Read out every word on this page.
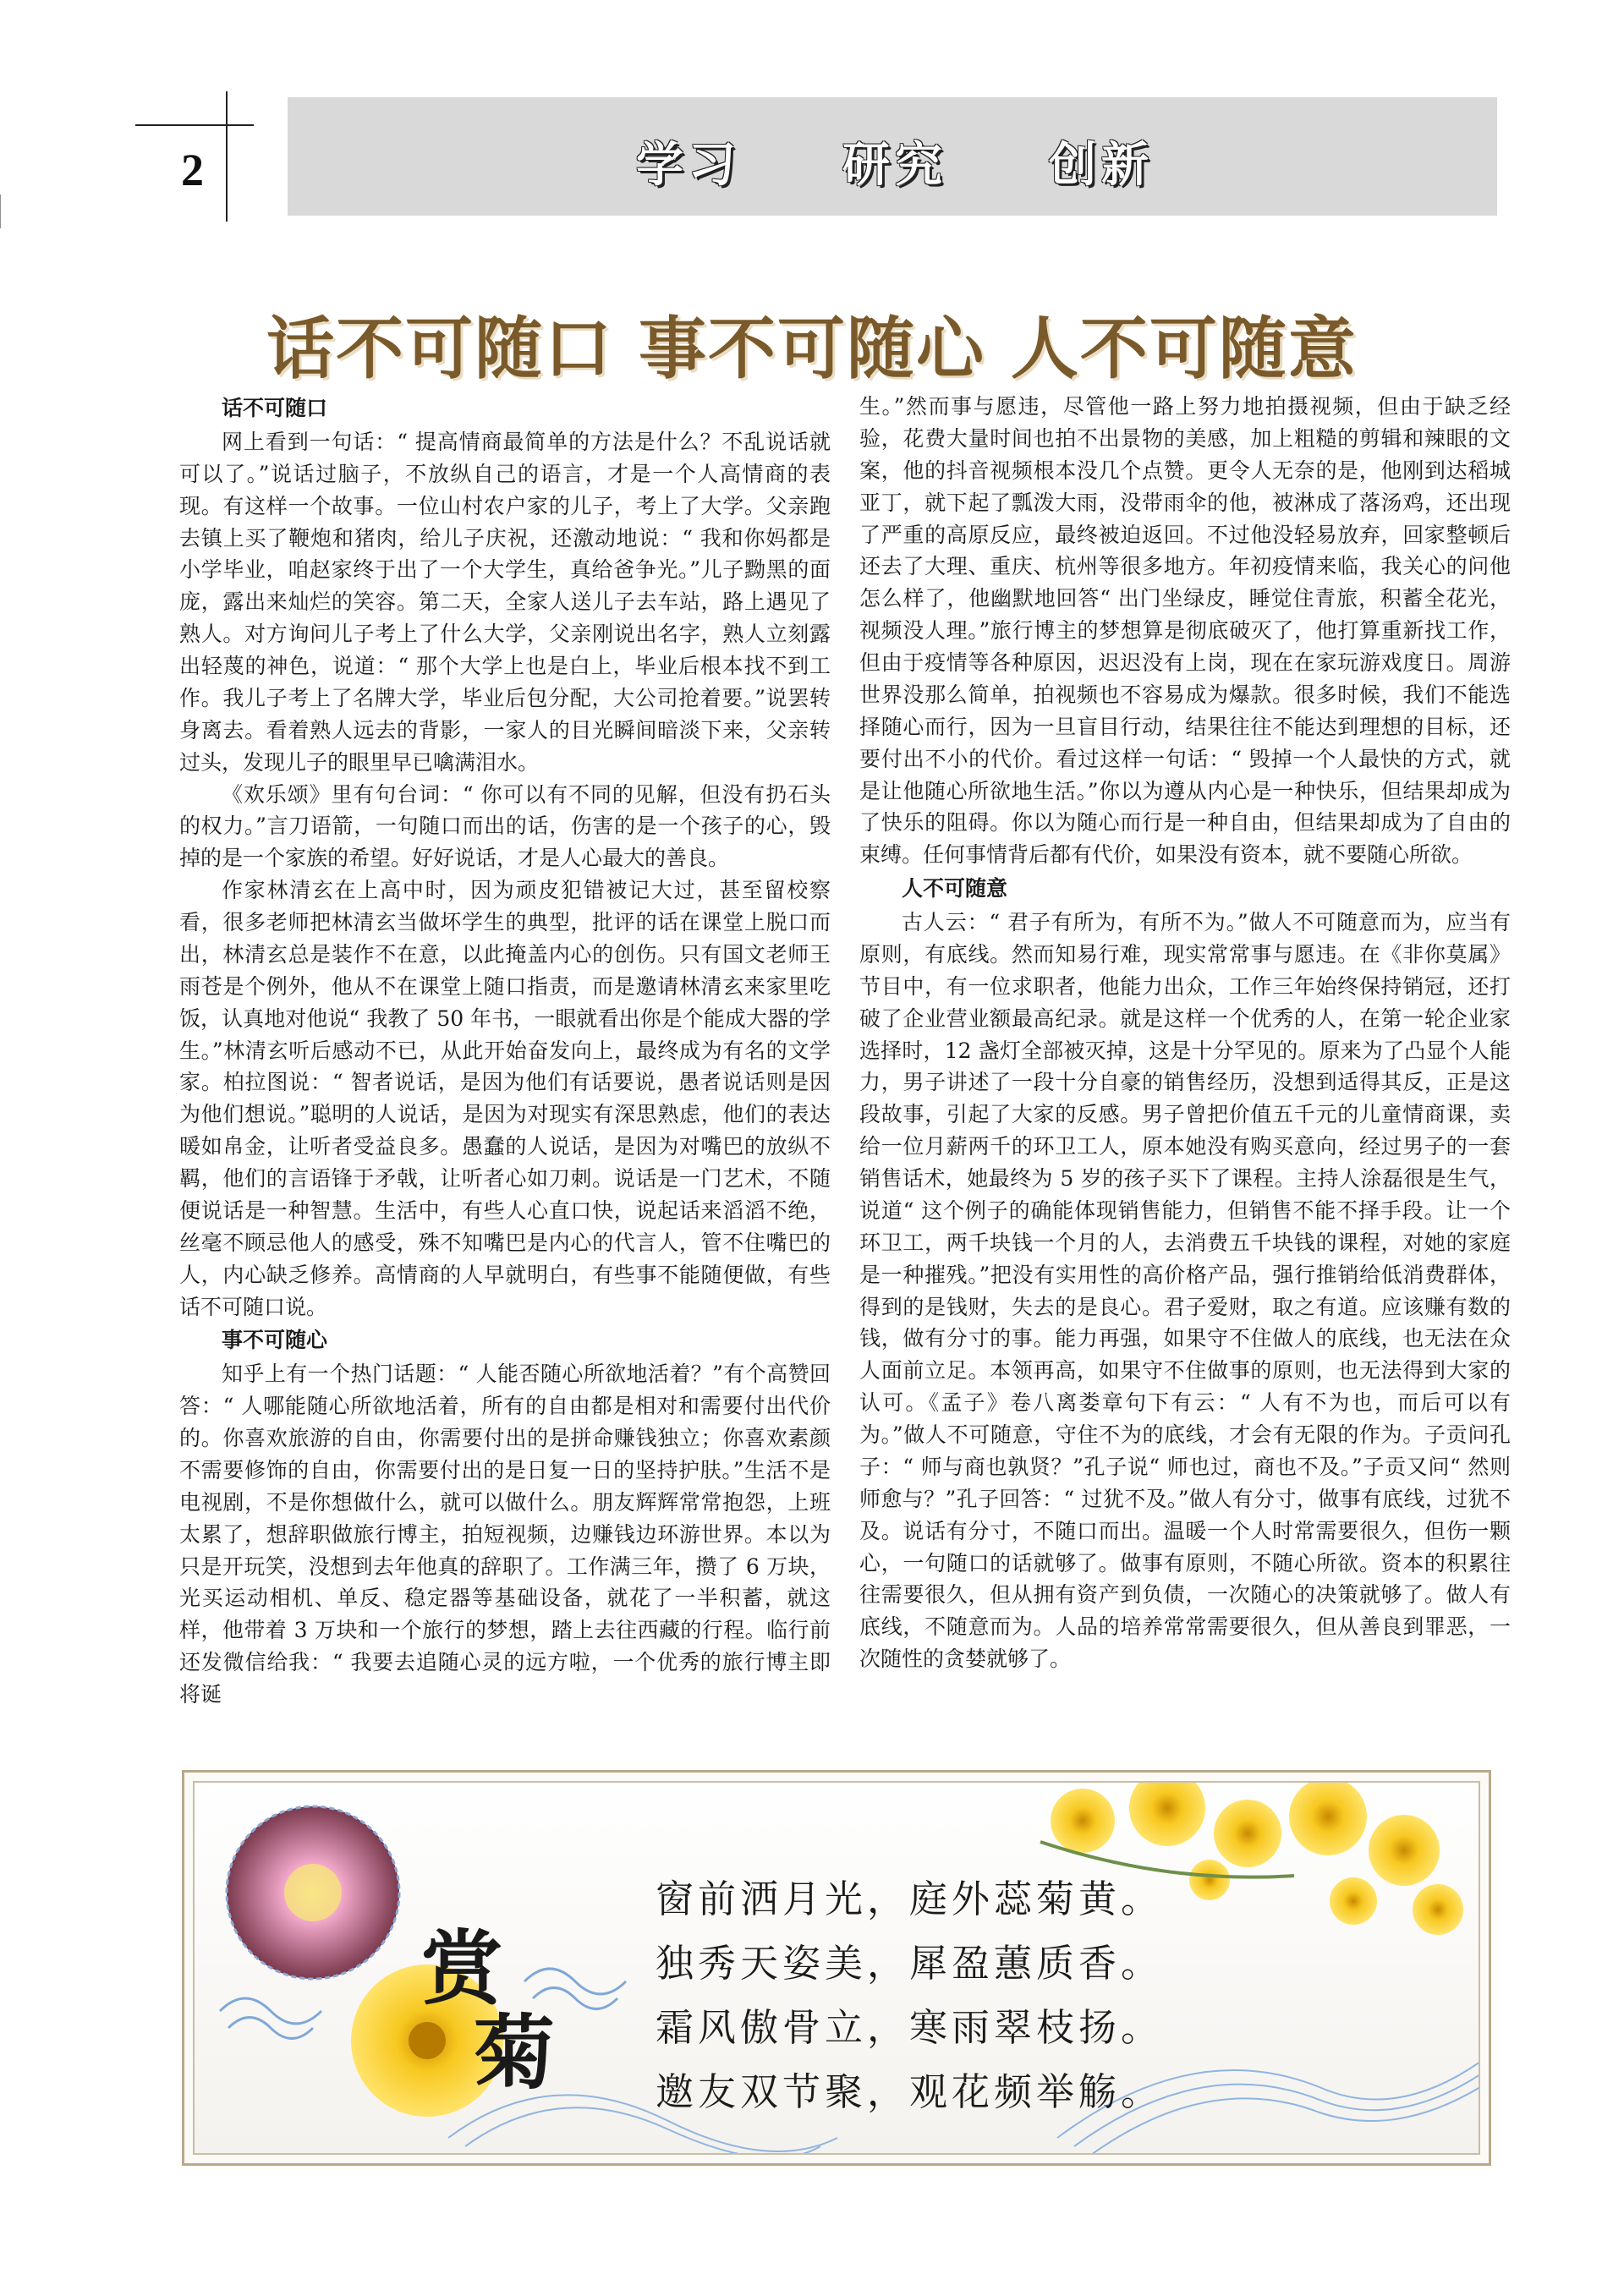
2	学习 研究 创新
话不可随口 事不可随心 人不可随意
话不可随口

网上看到一句话：“ 提高情商最简单的方法是什么？不乱说话就可以了。”说话过脑子，不放纵自己的语言，才是一个人高情商的表现。有这样一个故事。一位山村农户家的儿子，考上了大学。父亲跑去镇上买了鞭炮和猪肉，给儿子庆祝，还激动地说：“ 我和你妈都是小学毕业，咱赵家终于出了一个大学生，真给爸争光。”儿子黝黑的面庞，露出来灿烂的笑容。第二天，全家人送儿子去车站，路上遇见了熟人。对方询问儿子考上了什么大学，父亲刚说出名字，熟人立刻露出轻蔑的神色，说道：“ 那个大学上也是白上，毕业后根本找不到工作。我儿子考上了名牌大学，毕业后包分配，大公司抢着要。”说罢转身离去。看着熟人远去的背影，一家人的目光瞬间暗淡下来，父亲转过头，发现儿子的眼里早已噙满泪水。

《欢乐颂》里有句台词：“ 你可以有不同的见解，但没有扔石头的权力。”言刀语箭，一句随口而出的话，伤害的是一个孩子的心，毁掉的是一个家族的希望。好好说话，才是人心最大的善良。

作家林清玄在上高中时，因为顽皮犯错被记大过，甚至留校察看，很多老师把林清玄当做坏学生的典型，批评的话在课堂上脱口而出，林清玄总是装作不在意，以此掩盖内心的创伤。只有国文老师王雨苍是个例外，他从不在课堂上随口指责，而是邀请林清玄来家里吃饭，认真地对他说“ 我教了 50 年书，一眼就看出你是个能成大器的学生。”林清玄听后感动不已，从此开始奋发向上，最终成为有名的文学家。柏拉图说：“ 智者说话，是因为他们有话要说，愚者说话则是因为他们想说。”聪明的人说话，是因为对现实有深思熟虑，他们的表达暖如帛金，让听者受益良多。愚蠢的人说话，是因为对嘴巴的放纵不羁，他们的言语锋于矛戟，让听者心如刀刺。说话是一门艺术，不随便说话是一种智慧。生活中，有些人心直口快，说起话来滔滔不绝，丝毫不顾忌他人的感受，殊不知嘴巴是内心的代言人，管不住嘴巴的人，内心缺乏修养。高情商的人早就明白，有些事不能随便做，有些话不可随口说。

事不可随心

知乎上有一个热门话题：“ 人能否随心所欲地活着？”有个高赞回答：“ 人哪能随心所欲地活着，所有的自由都是相对和需要付出代价的。你喜欢旅游的自由，你需要付出的是拼命赚钱独立；你喜欢素颜不需要修饰的自由，你需要付出的是日复一日的坚持护肤。”生活不是电视剧，不是你想做什么，就可以做什么。朋友辉辉常常抱怨，上班太累了，想辞职做旅行博主，拍短视频，边赚钱边环游世界。本以为只是开玩笑，没想到去年他真的辞职了。工作满三年，攒了 6 万块，光买运动相机、单反、稳定器等基础设备，就花了一半积蓄，就这样，他带着 3 万块和一个旅行的梦想，踏上去往西藏的行程。临行前还发微信给我：“ 我要去追随心灵的远方啦，一个优秀的旅行博主即将诞

生。”然而事与愿违，尽管他一路上努力地拍摄视频，但由于缺乏经验，花费大量时间也拍不出景物的美感，加上粗糙的剪辑和辣眼的文案，他的抖音视频根本没几个点赞。更令人无奈的是，他刚到达稻城亚丁，就下起了瓢泼大雨，没带雨伞的他，被淋成了落汤鸡，还出现了严重的高原反应，最终被迫返回。不过他没轻易放弃，回家整顿后还去了大理、重庆、杭州等很多地方。年初疫情来临，我关心的问他怎么样了，他幽默地回答“ 出门坐绿皮，睡觉住青旅，积蓄全花光，视频没人理。”旅行博主的梦想算是彻底破灭了，他打算重新找工作，但由于疫情等各种原因，迟迟没有上岗，现在在家玩游戏度日。周游世界没那么简单，拍视频也不容易成为爆款。很多时候，我们不能选择随心而行，因为一旦盲目行动，结果往往不能达到理想的目标，还要付出不小的代价。看过这样一句话：“ 毁掉一个人最快的方式，就是让他随心所欲地生活。”你以为遵从内心是一种快乐，但结果却成为了快乐的阻碍。你以为随心而行是一种自由，但结果却成为了自由的束缚。任何事情背后都有代价，如果没有资本，就不要随心所欲。

人不可随意

古人云：“ 君子有所为，有所不为。”做人不可随意而为，应当有原则，有底线。然而知易行难，现实常常事与愿违。在《非你莫属》节目中，有一位求职者，他能力出众，工作三年始终保持销冠，还打破了企业营业额最高纪录。就是这样一个优秀的人，在第一轮企业家选择时，12 盏灯全部被灭掉，这是十分罕见的。原来为了凸显个人能力，男子讲述了一段十分自豪的销售经历，没想到适得其反，正是这段故事，引起了大家的反感。男子曾把价值五千元的儿童情商课，卖给一位月薪两千的环卫工人，原本她没有购买意向，经过男子的一套销售话术，她最终为 5 岁的孩子买下了课程。主持人涂磊很是生气，说道“ 这个例子的确能体现销售能力，但销售不能不择手段。让一个环卫工，两千块钱一个月的人，去消费五千块钱的课程，对她的家庭是一种摧残。”把没有实用性的高价格产品，强行推销给低消费群体，得到的是钱财，失去的是良心。君子爱财，取之有道。应该赚有数的钱，做有分寸的事。能力再强，如果守不住做人的底线，也无法在众人面前立足。本领再高，如果守不住做事的原则，也无法得到大家的认可。《孟子》卷八离娄章句下有云：“ 人有不为也，而后可以有为。”做人不可随意，守住不为的底线，才会有无限的作为。子贡问孔子：“ 师与商也孰贤？”孔子说“ 师也过，商也不及。”子贡又问“ 然则师愈与？”孔子回答：“ 过犹不及。”做人有分寸，做事有底线，过犹不及。说话有分寸，不随口而出。温暖一个人时常需要很久，但伤一颗心，一句随口的话就够了。做事有原则，不随心所欲。资本的积累往往需要很久，但从拥有资产到负债，一次随心的决策就够了。做人有底线，不随意而为。人品的培养常常需要很久，但从善良到罪恶，一次随性的贪婪就够了。

赏
菊
窗前洒月光，庭外蕊菊黄。
独秀天姿美，犀盈蕙质香。
霜风傲骨立，寒雨翠枝扬。
邀友双节聚，观花频举觞。
